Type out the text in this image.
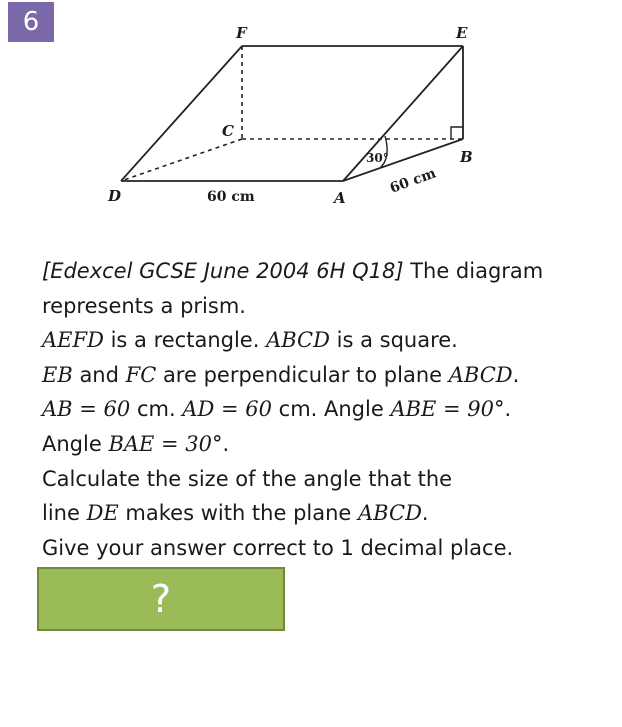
6	F	E
C
B
D	A
60 cm
60 cm
30°
[Edexcel GCSE June 2004 6H Q18] The diagram
represents a prism.
AEFD is a rectangle. ABCD is a square.
EB and FC are perpendicular to plane ABCD.
AB = 60 cm. AD = 60 cm. Angle ABE = 90°.
Angle BAE = 30°.
Calculate the size of the angle that the
line DE makes with the plane ABCD.
Give your answer correct to 1 decimal place.
?
